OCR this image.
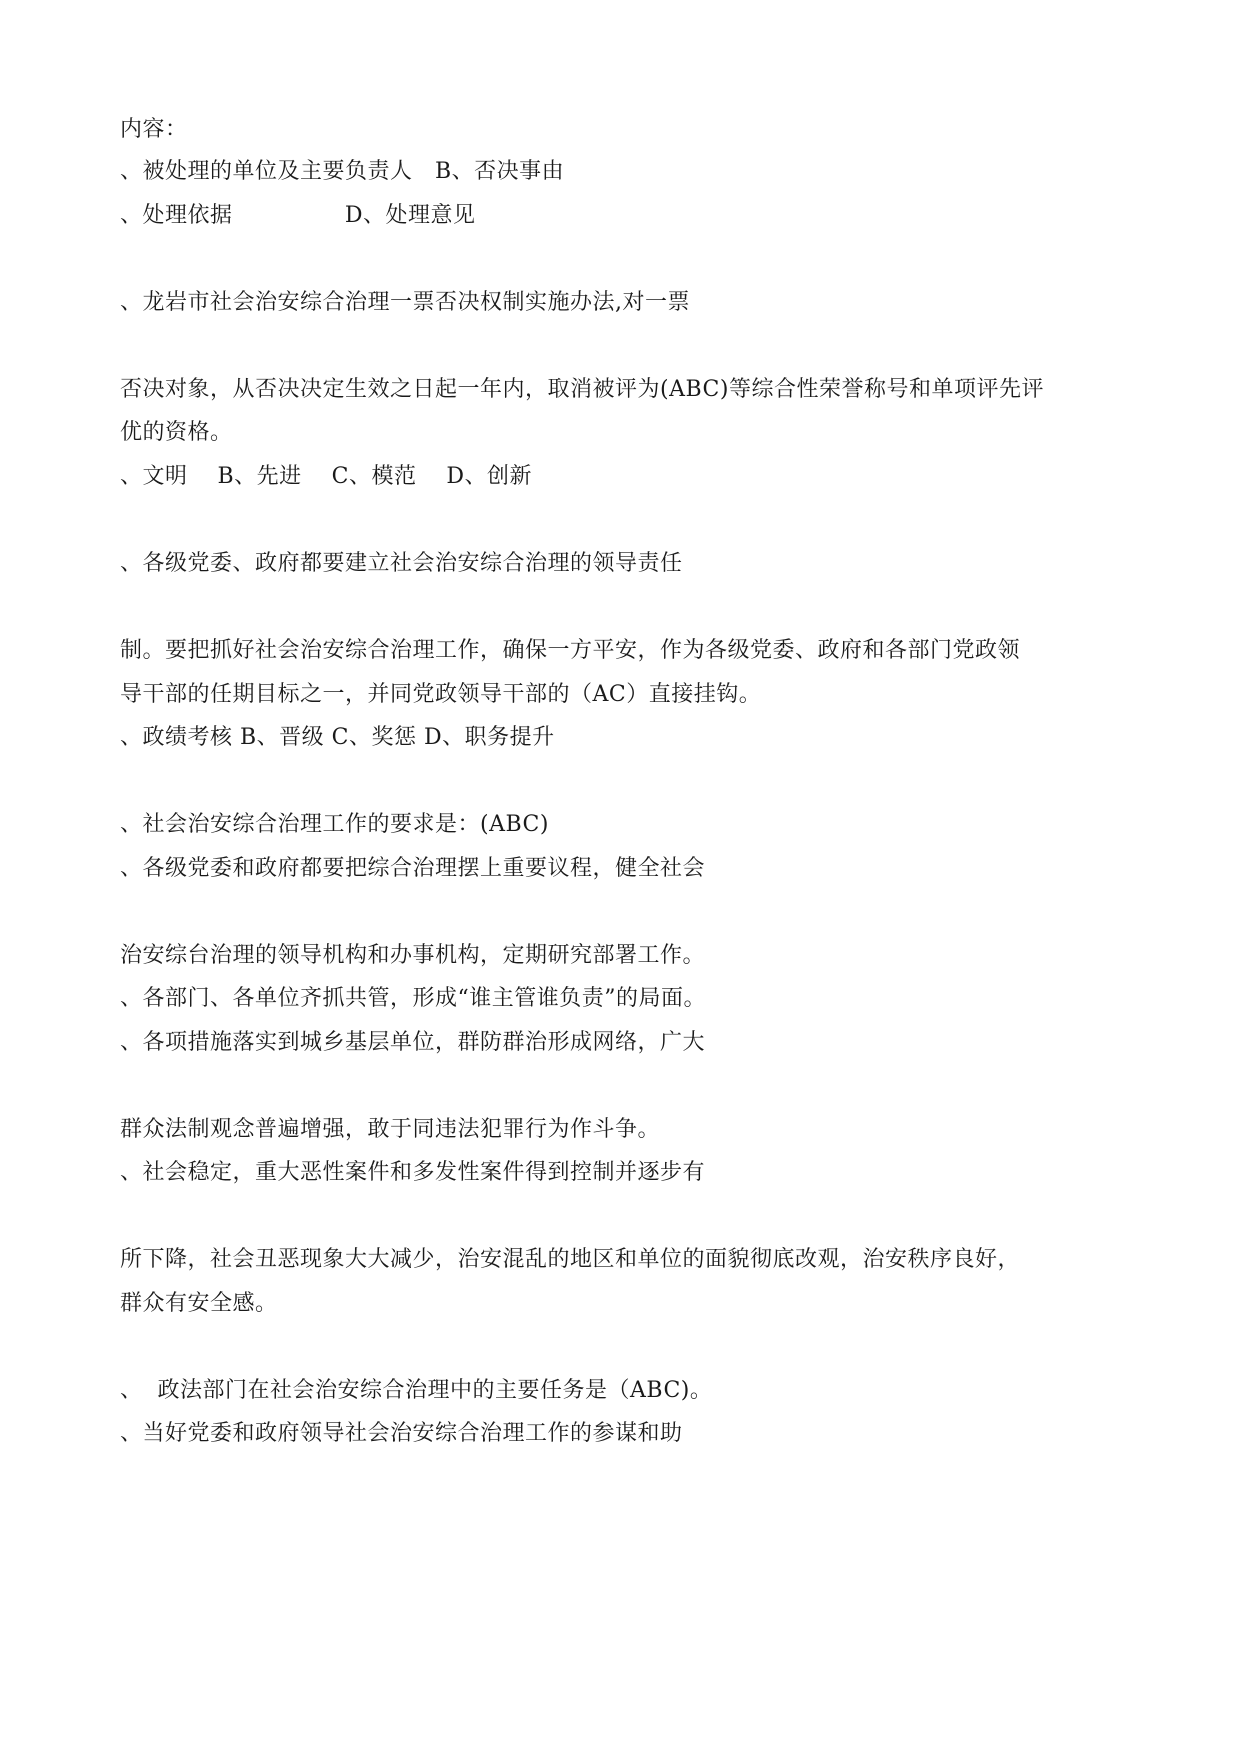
内容：
、被处理的单位及主要负责人   B、否决事由
、处理依据               D、处理意见
、龙岩市社会治安综合治理一票否决权制实施办法,对一票
否决对象，从否决决定生效之日起一年内，取消被评为(ABC)等综合性荣誉称号和单项评先评
优的资格。
、文明    B、先进    C、模范    D、创新
、各级党委、政府都要建立社会治安综合治理的领导责任
制。要把抓好社会治安综合治理工作，确保一方平安，作为各级党委、政府和各部门党政领
导干部的任期目标之一，并同党政领导干部的（AC）直接挂钩。
、政绩考核 B、晋级 C、奖惩 D、职务提升
、社会治安综合治理工作的要求是：(ABC)
、各级党委和政府都要把综合治理摆上重要议程，健全社会
治安综台治理的领导机构和办事机构，定期研究部署工作。
、各部门、各单位齐抓共管，形成“谁主管谁负责”的局面。
、各项措施落实到城乡基层单位，群防群治形成网络，广大
群众法制观念普遍增强，敢于同违法犯罪行为作斗争。
、社会稳定，重大恶性案件和多发性案件得到控制并逐步有
所下降，社会丑恶现象大大减少，治安混乱的地区和单位的面貌彻底改观，治安秩序良好，
群众有安全感。
、  政法部门在社会治安综合治理中的主要任务是（ABC)。
、当好党委和政府领导社会治安综合治理工作的参谋和助
